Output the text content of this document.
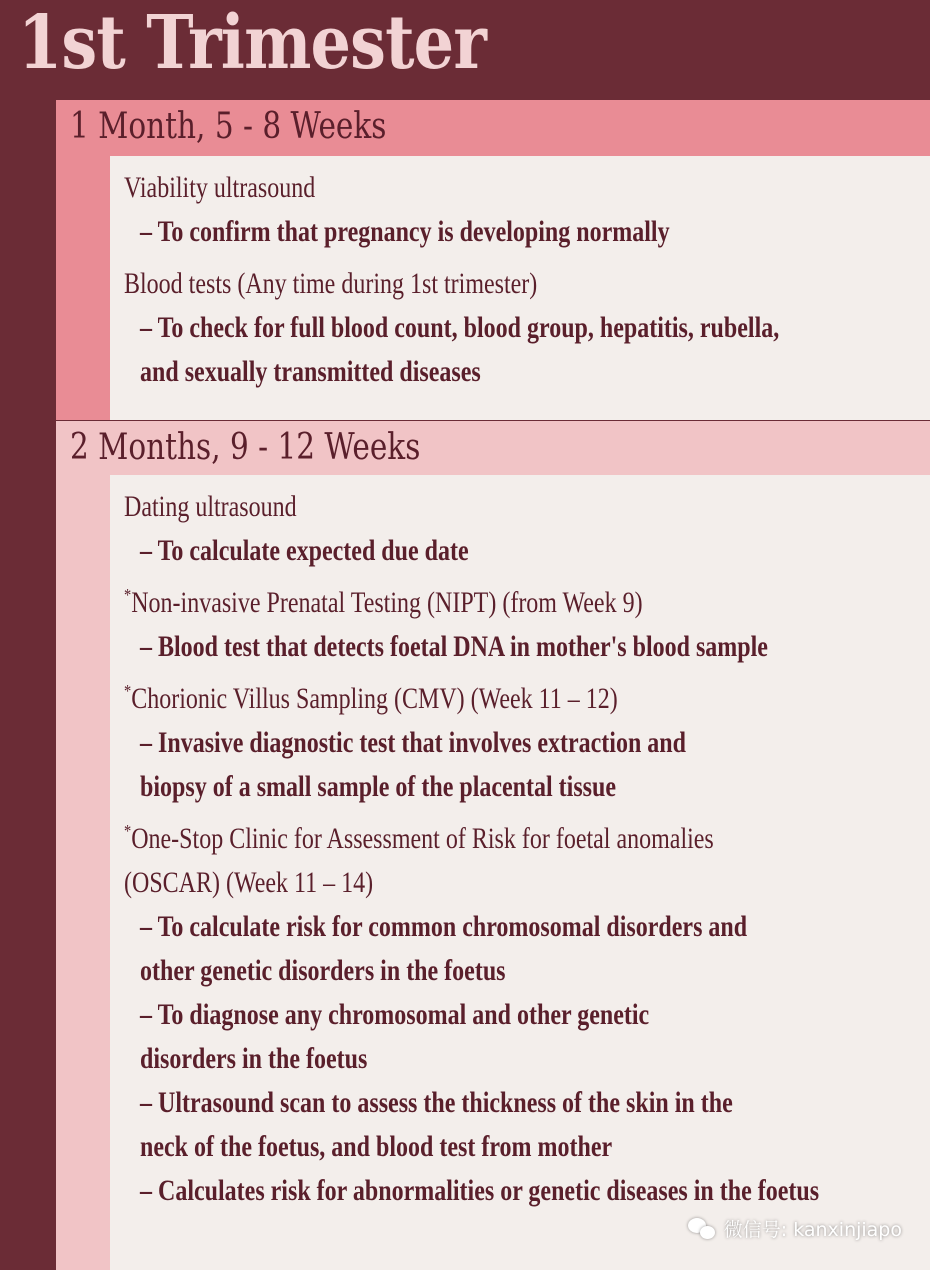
1st Trimester
1 Month, 5 - 8 Weeks
Viability ultrasound
– To confirm that pregnancy is developing normally
Blood tests (Any time during 1st trimester)
– To check for full blood count, blood group, hepatitis, rubella, and sexually transmitted diseases
2 Months, 9 - 12 Weeks
Dating ultrasound
– To calculate expected due date
*Non-invasive Prenatal Testing (NIPT) (from Week 9)
– Blood test that detects foetal DNA in mother's blood sample
*Chorionic Villus Sampling (CMV) (Week 11 – 12)
– Invasive diagnostic test that involves extraction and biopsy of a small sample of the placental tissue
*One-Stop Clinic for Assessment of Risk for foetal anomalies (OSCAR) (Week 11 – 14)
– To calculate risk for common chromosomal disorders and other genetic disorders in the foetus
– To diagnose any chromosomal and other genetic disorders in the foetus
– Ultrasound scan to assess the thickness of the skin in the neck of the foetus, and blood test from mother
– Calculates risk for abnormalities or genetic diseases in the foetus
微信号: kanxinjiapo
